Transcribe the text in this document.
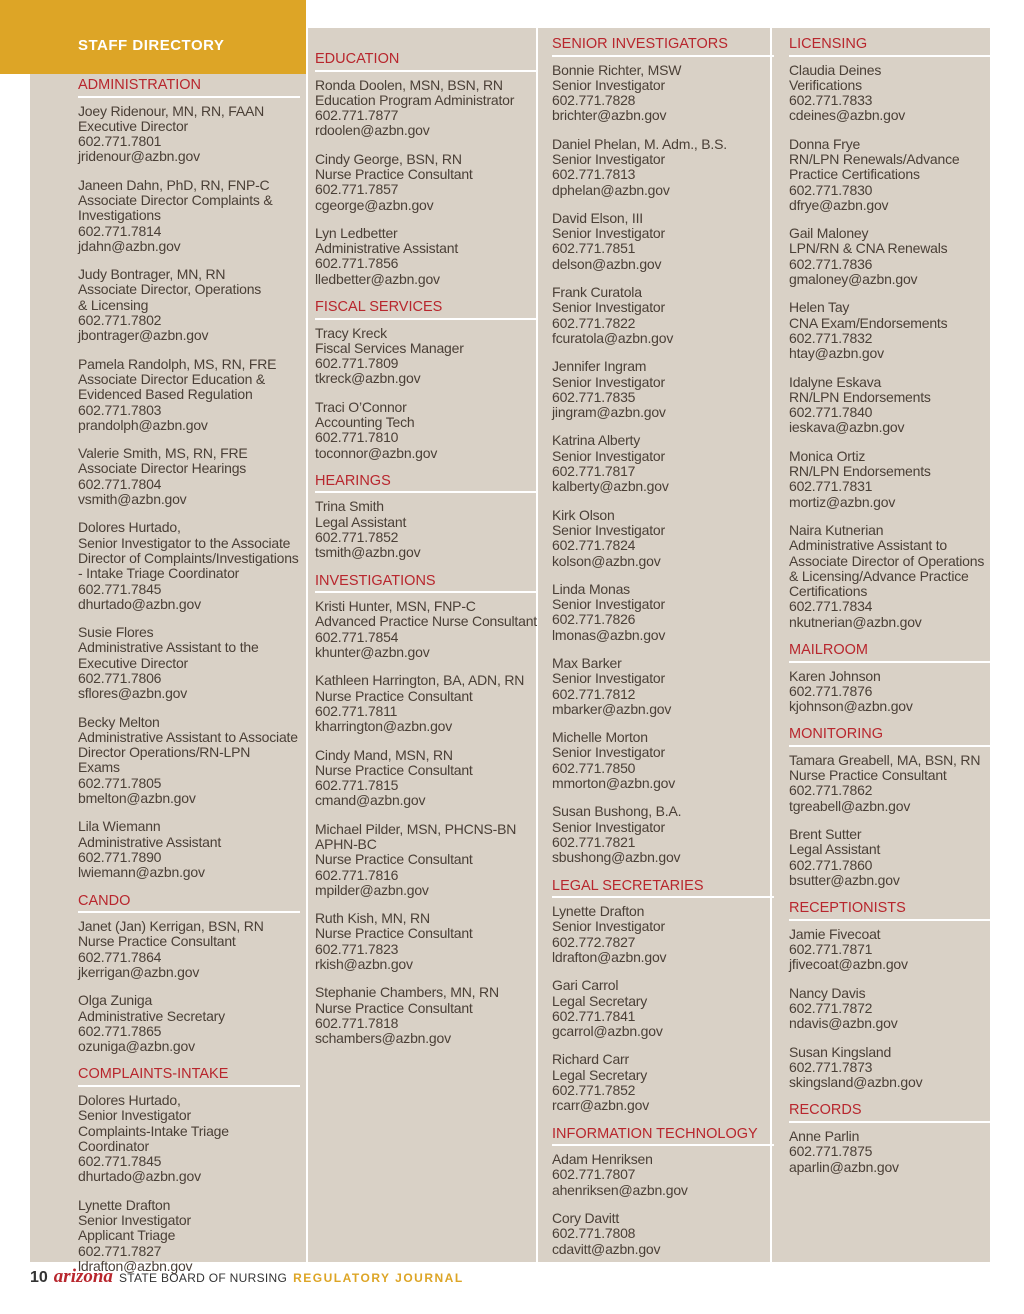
STAFF DIRECTORY
ADMINISTRATION
Joey Ridenour, MN, RN, FAAN
Executive Director
602.771.7801
jridenour@azbn.gov
Janeen Dahn, PhD, RN, FNP-C
Associate Director Complaints &
Investigations
602.771.7814
jdahn@azbn.gov
Judy Bontrager, MN, RN
Associate Director, Operations
& Licensing
602.771.7802
jbontrager@azbn.gov
Pamela Randolph, MS, RN, FRE
Associate Director Education &
Evidenced Based Regulation
602.771.7803
prandolph@azbn.gov
Valerie Smith, MS, RN, FRE
Associate Director Hearings
602.771.7804
vsmith@azbn.gov
Dolores Hurtado,
Senior Investigator to the Associate
Director of Complaints/Investigations
- Intake Triage Coordinator
602.771.7845
dhurtado@azbn.gov
Susie Flores
Administrative Assistant to the
Executive Director
602.771.7806
sflores@azbn.gov
Becky Melton
Administrative Assistant to Associate
Director Operations/RN-LPN
Exams
602.771.7805
bmelton@azbn.gov
Lila Wiemann
Administrative Assistant
602.771.7890
lwiemann@azbn.gov
CANDO
Janet (Jan) Kerrigan, BSN, RN
Nurse Practice Consultant
602.771.7864
jkerrigan@azbn.gov
Olga Zuniga
Administrative Secretary
602.771.7865
ozuniga@azbn.gov
COMPLAINTS-INTAKE
Dolores Hurtado,
Senior Investigator
Complaints-Intake Triage
Coordinator
602.771.7845
dhurtado@azbn.gov
Lynette Drafton
Senior Investigator
Applicant Triage
602.771.7827
ldrafton@azbn.gov
EDUCATION
Ronda Doolen, MSN, BSN, RN
Education Program Administrator
602.771.7877
rdoolen@azbn.gov
Cindy George, BSN, RN
Nurse Practice Consultant
602.771.7857
cgeorge@azbn.gov
Lyn Ledbetter
Administrative Assistant
602.771.7856
lledbetter@azbn.gov
FISCAL SERVICES
Tracy Kreck
Fiscal Services Manager
602.771.7809
tkreck@azbn.gov
Traci O’Connor
Accounting Tech
602.771.7810
toconnor@azbn.gov
HEARINGS
Trina Smith
Legal Assistant
602.771.7852
tsmith@azbn.gov
INVESTIGATIONS
Kristi Hunter, MSN, FNP-C
Advanced Practice Nurse Consultant
602.771.7854
khunter@azbn.gov
Kathleen Harrington, BA, ADN, RN
Nurse Practice Consultant
602.771.7811
kharrington@azbn.gov
Cindy Mand, MSN, RN
Nurse Practice Consultant
602.771.7815
cmand@azbn.gov
Michael Pilder, MSN, PHCNS-BN
APHN-BC
Nurse Practice Consultant
602.771.7816
mpilder@azbn.gov
Ruth Kish, MN, RN
Nurse Practice Consultant
602.771.7823
rkish@azbn.gov
Stephanie Chambers, MN, RN
Nurse Practice Consultant
602.771.7818
schambers@azbn.gov
SENIOR INVESTIGATORS
Bonnie Richter, MSW
Senior Investigator
602.771.7828
brichter@azbn.gov
Daniel Phelan, M. Adm., B.S.
Senior Investigator
602.771.7813
dphelan@azbn.gov
David Elson, III
Senior Investigator
602.771.7851
delson@azbn.gov
Frank Curatola
Senior Investigator
602.771.7822
fcuratola@azbn.gov
Jennifer Ingram
Senior Investigator
602.771.7835
jingram@azbn.gov
Katrina Alberty
Senior Investigator
602.771.7817
kalberty@azbn.gov
Kirk Olson
Senior Investigator
602.771.7824
kolson@azbn.gov
Linda Monas
Senior Investigator
602.771.7826
lmonas@azbn.gov
Max Barker
Senior Investigator
602.771.7812
mbarker@azbn.gov
Michelle Morton
Senior Investigator
602.771.7850
mmorton@azbn.gov
Susan Bushong, B.A.
Senior Investigator
602.771.7821
sbushong@azbn.gov
LEGAL SECRETARIES
Lynette Drafton
Senior Investigator
602.772.7827
ldrafton@azbn.gov
Gari Carrol
Legal Secretary
602.771.7841
gcarrol@azbn.gov
Richard Carr
Legal Secretary
602.771.7852
rcarr@azbn.gov
INFORMATION TECHNOLOGY
Adam Henriksen
602.771.7807
ahenriksen@azbn.gov
Cory Davitt
602.771.7808
cdavitt@azbn.gov
LICENSING
Claudia Deines
Verifications
602.771.7833
cdeines@azbn.gov
Donna Frye
RN/LPN Renewals/Advance
Practice Certifications
602.771.7830
dfrye@azbn.gov
Gail Maloney
LPN/RN & CNA Renewals
602.771.7836
gmaloney@azbn.gov
Helen Tay
CNA Exam/Endorsements
602.771.7832
htay@azbn.gov
Idalyne Eskava
RN/LPN Endorsements
602.771.7840
ieskava@azbn.gov
Monica Ortiz
RN/LPN Endorsements
602.771.7831
mortiz@azbn.gov
Naira Kutnerian
Administrative Assistant to
Associate Director of Operations
& Licensing/Advance Practice
Certifications
602.771.7834
nkutnerian@azbn.gov
MAILROOM
Karen Johnson
602.771.7876
kjohnson@azbn.gov
MONITORING
Tamara Greabell, MA, BSN, RN
Nurse Practice Consultant
602.771.7862
tgreabell@azbn.gov
Brent Sutter
Legal Assistant
602.771.7860
bsutter@azbn.gov
RECEPTIONISTS
Jamie Fivecoat
602.771.7871
jfivecoat@azbn.gov
Nancy Davis
602.771.7872
ndavis@azbn.gov
Susan Kingsland
602.771.7873
skingsland@azbn.gov
RECORDS
Anne Parlin
602.771.7875
aparlin@azbn.gov
10 arizona STATE BOARD OF NURSING REGULATORY JOURNAL
